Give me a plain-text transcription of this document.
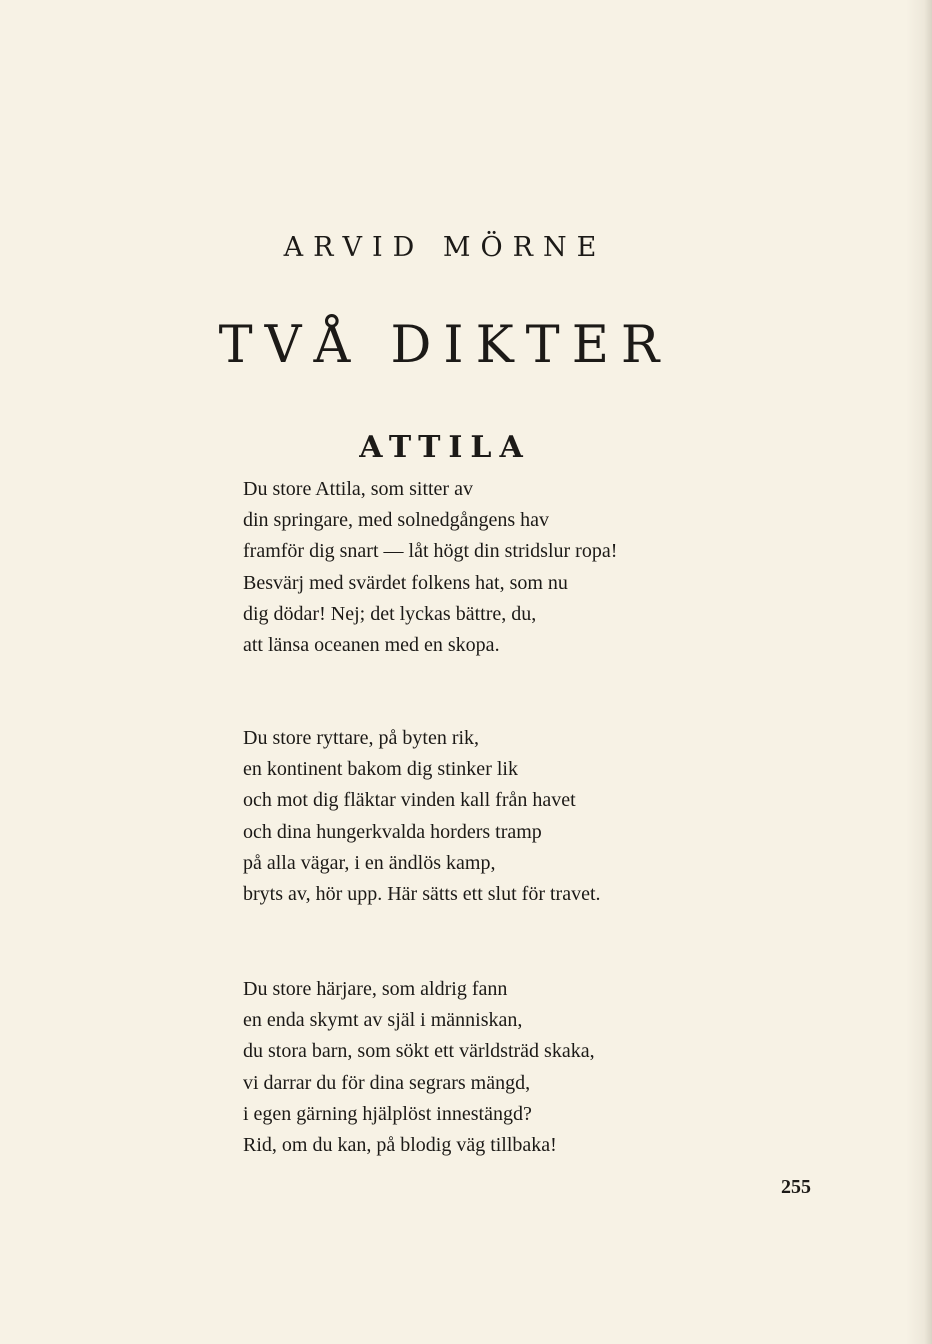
ARVID MÖRNE
TVÅ DIKTER
ATTILA
Du store Attila, som sitter av
din springare, med solnedgångens hav
framför dig snart — låt högt din stridslur ropa!
Besvärj med svärdet folkens hat, som nu
dig dödar! Nej; det lyckas bättre, du,
att länsa oceanen med en skopa.
Du store ryttare, på byten rik,
en kontinent bakom dig stinker lik
och mot dig fläktar vinden kall från havet
och dina hungerkvalda horders tramp
på alla vägar, i en ändlös kamp,
bryts av, hör upp. Här sätts ett slut för travet.
Du store härjare, som aldrig fann
en enda skymt av själ i människan,
du stora barn, som sökt ett världsträd skaka,
vi darrar du för dina segrars mängd,
i egen gärning hjälplöst innestängd?
Rid, om du kan, på blodig väg tillbaka!
255
